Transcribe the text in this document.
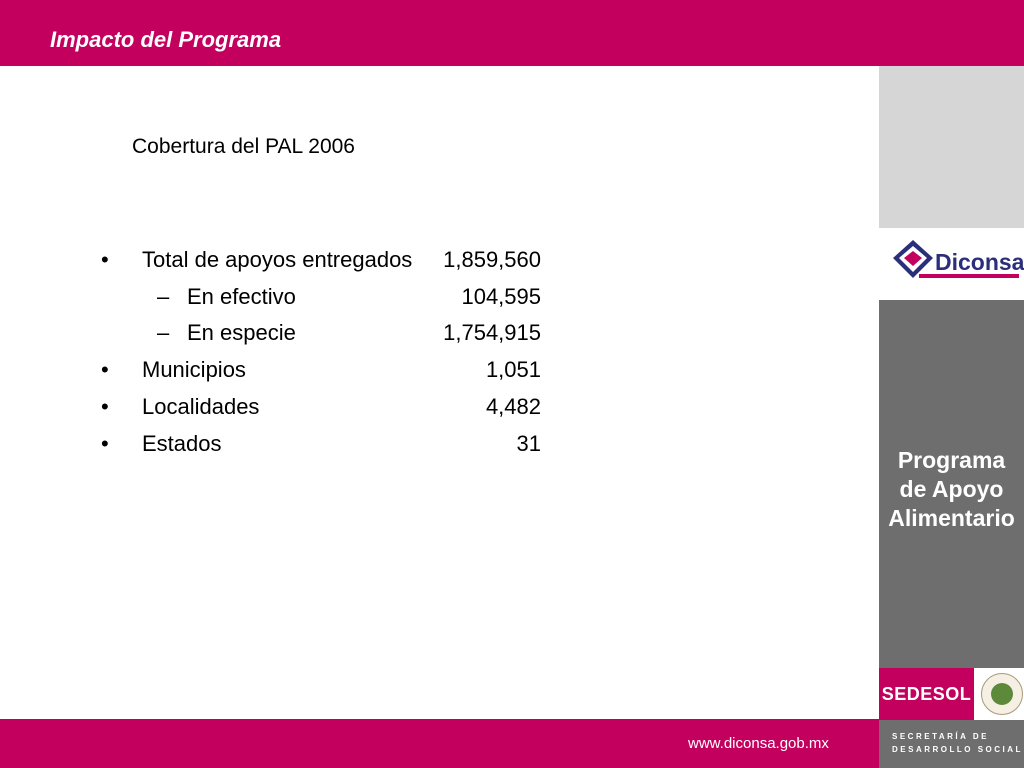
Impacto del Programa
Cobertura del PAL 2006
• Total de apoyos entregados 1,859,560
– En efectivo	104,595
– En especie	1,754,915
• Municipios	1,051
• Localidades	4,482
• Estados	31
Diconsa
Programa
de Apoyo
Alimentario
SEDESOL
SECRETARÍA DE
DESARROLLO SOCIAL
www.diconsa.gob.mx
